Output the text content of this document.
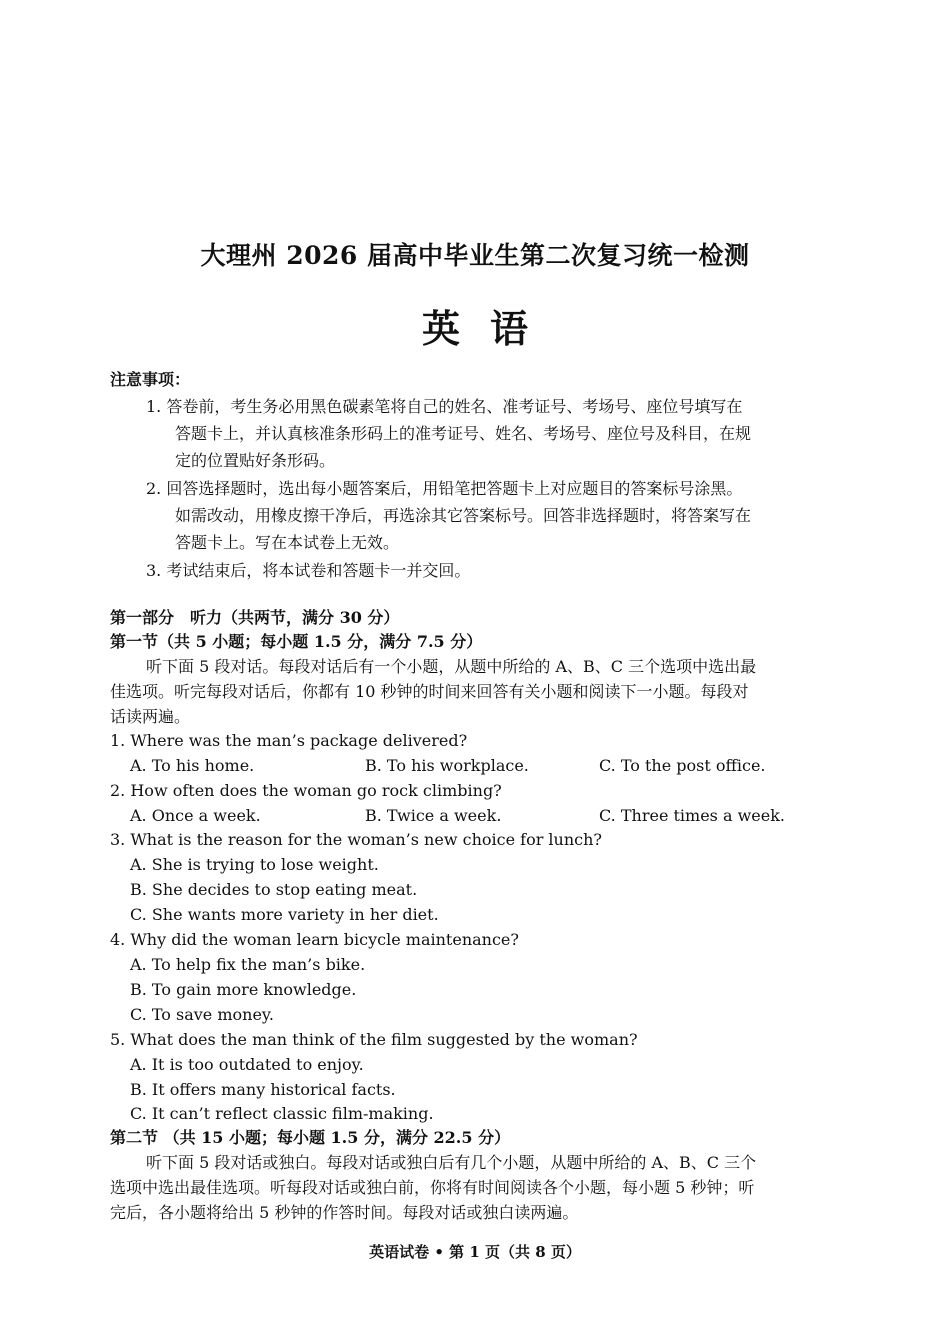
大理州 2026 届高中毕业生第二次复习统一检测
英语
注意事项：
1. 答卷前，考生务必用黑色碳素笔将自己的姓名、准考证号、考场号、座位号填写在
答题卡上，并认真核准条形码上的准考证号、姓名、考场号、座位号及科目，在规
定的位置贴好条形码。
2. 回答选择题时，选出每小题答案后，用铅笔把答题卡上对应题目的答案标号涂黑。
如需改动，用橡皮擦干净后，再选涂其它答案标号。回答非选择题时，将答案写在
答题卡上。写在本试卷上无效。
3. 考试结束后，将本试卷和答题卡一并交回。
第一部分　听力（共两节，满分 30 分）
第一节（共 5 小题；每小题 1.5 分，满分 7.5 分）
听下面 5 段对话。每段对话后有一个小题，从题中所给的 A、B、C 三个选项中选出最
佳选项。听完每段对话后，你都有 10 秒钟的时间来回答有关小题和阅读下一小题。每段对
话读两遍。
1. Where was the man’s package delivered?
A. To his home.	B. To his workplace.	C. To the post office.
2. How often does the woman go rock climbing?
A. Once a week.	B. Twice a week.	C. Three times a week.
3. What is the reason for the woman’s new choice for lunch?
A. She is trying to lose weight.
B. She decides to stop eating meat.
C. She wants more variety in her diet.
4. Why did the woman learn bicycle maintenance?
A. To help fix the man’s bike.
B. To gain more knowledge.
C. To save money.
5. What does the man think of the film suggested by the woman?
A. It is too outdated to enjoy.
B. It offers many historical facts.
C. It can’t reflect classic film-making.
第二节 （共 15 小题；每小题 1.5 分，满分 22.5 分）
听下面 5 段对话或独白。每段对话或独白后有几个小题，从题中所给的 A、B、C 三个
选项中选出最佳选项。听每段对话或独白前，你将有时间阅读各个小题，每小题 5 秒钟；听
完后，各小题将给出 5 秒钟的作答时间。每段对话或独白读两遍。
英语试卷 • 第 1 页（共 8 页）
